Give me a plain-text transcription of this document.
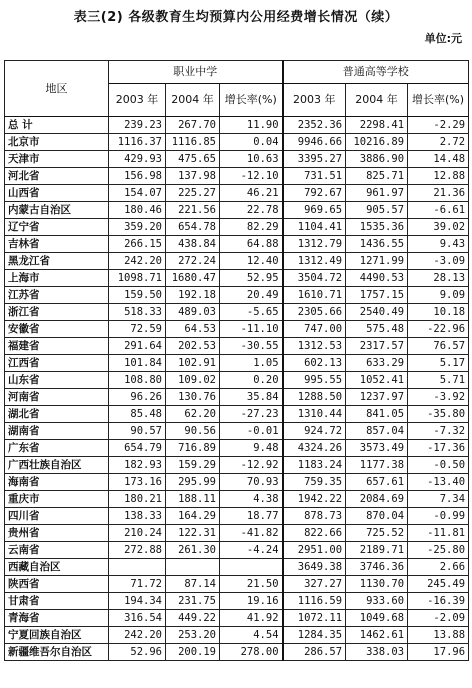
表三(2) 各级教育生均预算内公用经费增长情况（续）
单位:元
地区	职业中学			普通高等学校		
	2003 年	2004 年	增长率(%)	2003 年	2004 年	增长率(%)
总 计	239.23	267.70	11.90	2352.36	2298.41	-2.29
北京市	1116.37	1116.85	0.04	9946.66	10216.89	2.72
天津市	429.93	475.65	10.63	3395.27	3886.90	14.48
河北省	156.98	137.98	-12.10	731.51	825.71	12.88
山西省	154.07	225.27	46.21	792.67	961.97	21.36
内蒙古自治区	180.46	221.56	22.78	969.65	905.57	-6.61
辽宁省	359.20	654.78	82.29	1104.41	1535.36	39.02
吉林省	266.15	438.84	64.88	1312.79	1436.55	9.43
黑龙江省	242.20	272.24	12.40	1312.49	1271.99	-3.09
上海市	1098.71	1680.47	52.95	3504.72	4490.53	28.13
江苏省	159.50	192.18	20.49	1610.71	1757.15	9.09
浙江省	518.33	489.03	-5.65	2305.66	2540.49	10.18
安徽省	72.59	64.53	-11.10	747.00	575.48	-22.96
福建省	291.64	202.53	-30.55	1312.53	2317.57	76.57
江西省	101.84	102.91	1.05	602.13	633.29	5.17
山东省	108.80	109.02	0.20	995.55	1052.41	5.71
河南省	96.26	130.76	35.84	1288.50	1237.97	-3.92
湖北省	85.48	62.20	-27.23	1310.44	841.05	-35.80
湖南省	90.57	90.56	-0.01	924.72	857.04	-7.32
广东省	654.79	716.89	9.48	4324.26	3573.49	-17.36
广西壮族自治区	182.93	159.29	-12.92	1183.24	1177.38	-0.50
海南省	173.16	295.99	70.93	759.35	657.61	-13.40
重庆市	180.21	188.11	4.38	1942.22	2084.69	7.34
四川省	138.33	164.29	18.77	878.73	870.04	-0.99
贵州省	210.24	122.31	-41.82	822.66	725.52	-11.81
云南省	272.88	261.30	-4.24	2951.00	2189.71	-25.80
西藏自治区				3649.38	3746.36	2.66
陕西省	71.72	87.14	21.50	327.27	1130.70	245.49
甘肃省	194.34	231.75	19.16	1116.59	933.60	-16.39
青海省	316.54	449.22	41.92	1072.11	1049.68	-2.09
宁夏回族自治区	242.20	253.20	4.54	1284.35	1462.61	13.88
新疆维吾尔自治区	52.96	200.19	278.00	286.57	338.03	17.96
